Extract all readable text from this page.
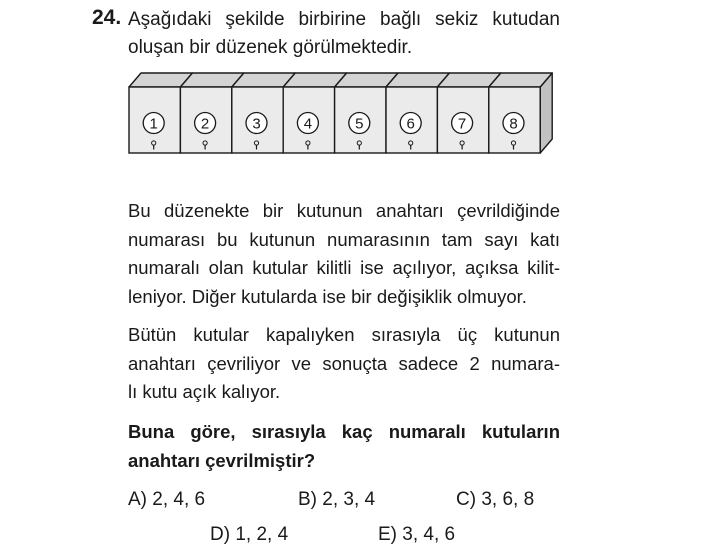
24. Aşağıdaki şekilde birbirine bağlı sekiz kutudan
oluşan bir düzenek görülmektedir.
1	2	3	4	5	6	7	8
Bu düzenekte bir kutunun anahtarı çevrildiğinde
numarası bu kutunun numarasının tam sayı katı
numaralı olan kutular kilitli ise açılıyor, açıksa kilit-
leniyor. Diğer kutularda ise bir değişiklik olmuyor.
Bütün kutular kapalıyken sırasıyla üç kutunun
anahtarı çevriliyor ve sonuçta sadece 2 numara-
lı kutu açık kalıyor.
Buna göre, sırasıyla kaç numaralı kutuların
anahtarı çevrilmiştir?
A) 2, 4, 6	B) 2, 3, 4	C) 3, 6, 8
D) 1, 2, 4	E) 3, 4, 6
